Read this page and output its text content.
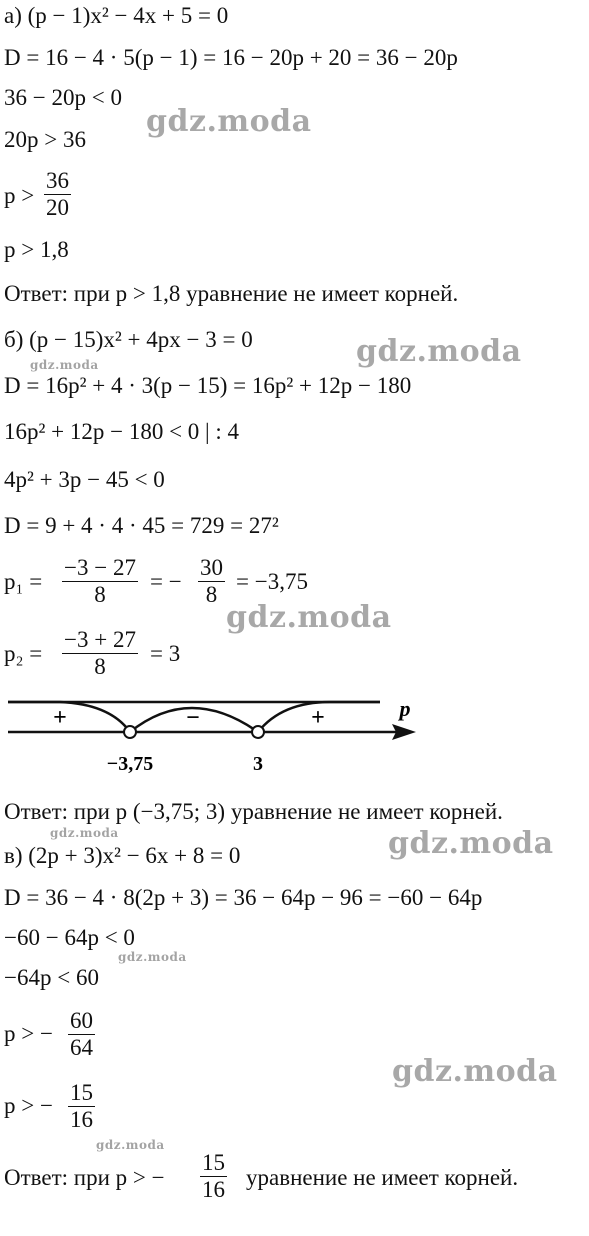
а) (p − 1)x² − 4x + 5 = 0
D = 16 − 4 · 5(p − 1) = 16 − 20p + 20 = 36 − 20p
36 − 20p < 0
20p > 36
$p > \frac{36}{20}$
p > 1,8
Ответ: при p > 1,8 уравнение не имеет корней.
б) (p − 15)x² + 4px − 3 = 0
D = 16p² + 4 · 3(p − 15) = 16p² + 12p − 180
16p² + 12p − 180 < 0 | : 4
4p² + 3p − 45 < 0
D = 9 + 4 · 4 · 45 = 729 = 27²
$p_1 = \frac{-3 - 27}{8}$ = − $\frac{30}{8} = -3,75$
$p_2 = \frac{-3 + 27}{8} = 3$
+	−	+	p
−3,75	3
Ответ: при p (−3,75; 3) уравнение не имеет корней.
в) (2p + 3)x² − 6x + 8 = 0
D = 36 − 4 · 8(2p + 3) = 36 − 64p − 96 = −60 − 64p
−60 − 64p < 0
−64p < 60
p > − $\frac{60}{64}$
p > − $\frac{15}{16}$
Ответ: при p > − $\frac{15}{16}$ уравнение не имеет корней.
gdz.moda
gdz.moda
gdz.moda
gdz.moda
gdz.moda	gdz.moda
gdz.moda
gdz.moda
gdz.moda
